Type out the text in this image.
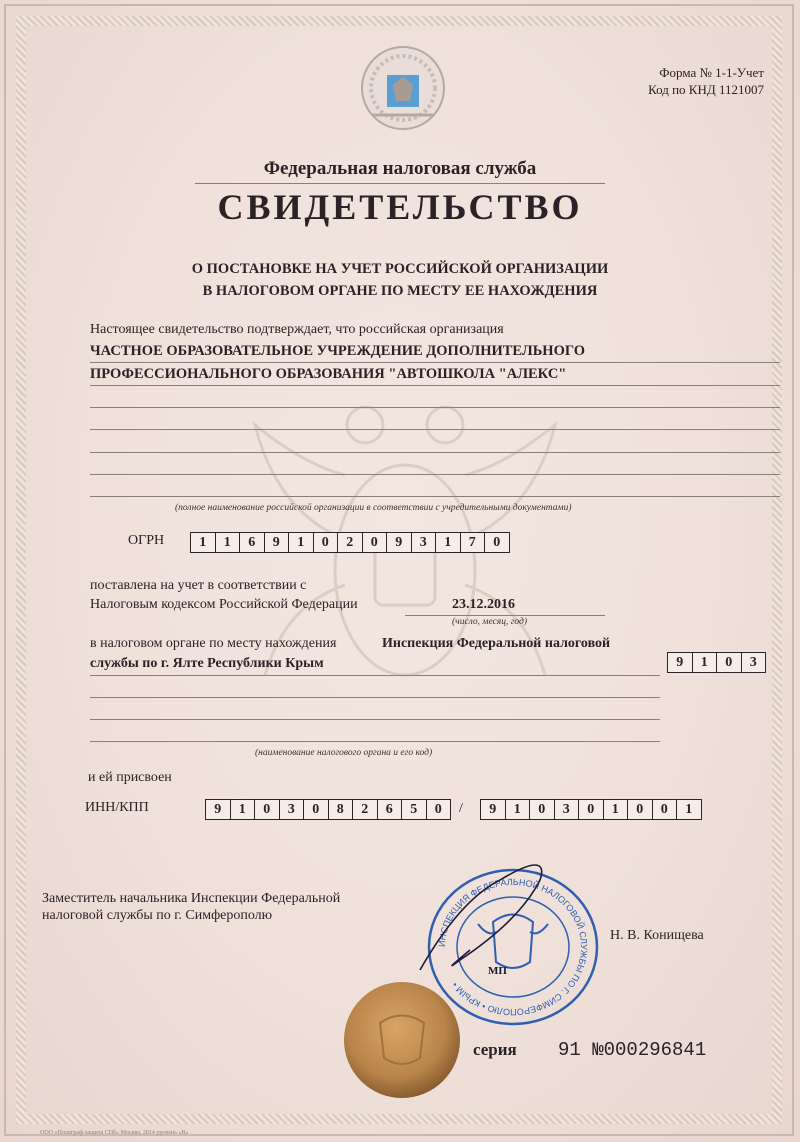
Форма № 1-1-Учет
Код по КНД 1121007
Федеральная налоговая служба
СВИДЕТЕЛЬСТВО
О ПОСТАНОВКЕ НА УЧЕТ РОССИЙСКОЙ ОРГАНИЗАЦИИ
В НАЛОГОВОМ ОРГАНЕ ПО МЕСТУ ЕЕ НАХОЖДЕНИЯ
Настоящее свидетельство подтверждает, что российская организация
ЧАСТНОЕ ОБРАЗОВАТЕЛЬНОЕ УЧРЕЖДЕНИЕ ДОПОЛНИТЕЛЬНОГО
ПРОФЕССИОНАЛЬНОГО ОБРАЗОВАНИЯ "АВТОШКОЛА "АЛЕКС"
(полное наименование российской организации в соответствии с учредительными документами)
ОГРН	1	1	6	9	1	0	2	0	9	3	1	7	0
поставлена на учет в соответствии с
Налоговым кодексом Российской Федерации	23.12.2016
(число, месяц, год)
в налоговом органе по месту нахождения	Инспекция Федеральной налоговой
службы по г. Ялте Республики Крым	9	1	0	3
(наименование налогового органа и его код)
и ей присвоен
ИНН/КПП	9	1	0	3	0	8	2	6	5	0	/	9	1	0	3	0	1	0	0	1
Заместитель начальника Инспекции Федеральной
налоговой службы по г. Симферополю
Н. В. Конищева
ИНСПЕКЦИЯ ФЕДЕРАЛЬНОЙ НАЛОГОВОЙ СЛУЖБЫ ПО Г. СИМФЕРОПОЛЮ • КРЫМ •
МП
серия 91 №000296841
ООО «Полиграф-защита СПб» Москва, 2014 уровень «В»
